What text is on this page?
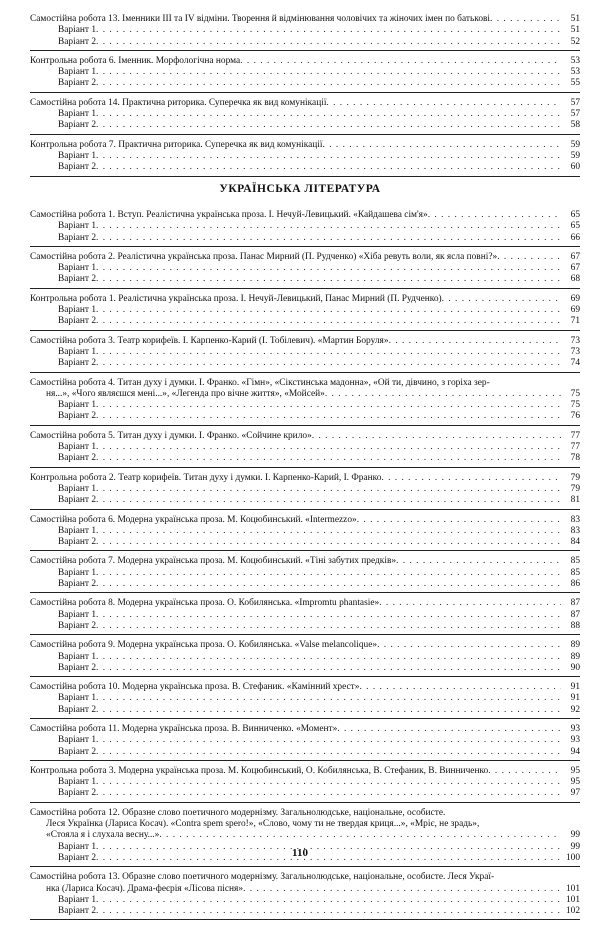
Самостійна робота 13. Іменники III та IV відміни. Творення й відмінювання чоловічих та жіночих імен по батькові . . .	51
Варіант 1 . . .	51
Варіант 2 . . .	52
Контрольна робота 6. Іменник. Морфологічна норма . . .	53
Варіант 1 . . .	53
Варіант 2 . . .	55
Самостійна робота 14. Практична риторика. Суперечка як вид комунікації . . .	57
Варіант 1 . . .	57
Варіант 2 . . .	58
Контрольна робота 7. Практична риторика. Суперечка як вид комунікації . . .	59
Варіант 1 . . .	59
Варіант 2 . . .	60
УКРАЇНСЬКА ЛІТЕРАТУРА
Самостійна робота 1. Вступ. Реалістична українська проза. І. Нечуй-Левицький. «Кайдашева сім'я» . . .	65
Варіант 1 . . .	65
Варіант 2 . . .	66
Самостійна робота 2. Реалістична українська проза. Панас Мирний (П. Рудченко) «Хіба ревуть воли, як ясла повні?» . . .	67
Варіант 1 . . .	67
Варіант 2 . . .	68
Контрольна робота 1. Реалістична українська проза. І. Нечуй-Левицький, Панас Мирний (П. Рудченко) . . .	69
Варіант 1 . . .	69
Варіант 2 . . .	71
Самостійна робота 3. Театр корифеїв. І. Карпенко-Карий (І. Тобілевич). «Мартин Боруля» . . .	73
Варіант 1 . . .	73
Варіант 2 . . .	74
Самостійна робота 4. Титан духу і думки. І. Франко. «Гімн», «Сікстинська мадонна», «Ой ти, дівчино, з горіха зер-
ня...», «Чого являєшся мені...», «Легенда про вічне життя», «Мойсей» . . .	75
Варіант 1 . . .	75
Варіант 2 . . .	76
Самостійна робота 5. Титан духу і думки. І. Франко. «Сойчине крило» . . .	77
Варіант 1 . . .	77
Варіант 2 . . .	78
Контрольна робота 2. Театр корифеїв. Титан духу і думки. І. Карпенко-Карий, І. Франко . . .	79
Варіант 1 . . .	79
Варіант 2 . . .	81
Самостійна робота 6. Модерна українська проза. М. Коцюбинський. «Intermezzo» . . .	83
Варіант 1 . . .	83
Варіант 2 . . .	84
Самостійна робота 7. Модерна українська проза. М. Коцюбинський. «Тіні забутих предків» . . .	85
Варіант 1 . . .	85
Варіант 2 . . .	86
Самостійна робота 8. Модерна українська проза. О. Кобилянська. «Impromtu phantasie» . . .	87
Варіант 1 . . .	87
Варіант 2 . . .	88
Самостійна робота 9. Модерна українська проза. О. Кобилянська. «Valse melancolique» . . .	89
Варіант 1 . . .	89
Варіант 2 . . .	90
Самостійна робота 10. Модерна українська проза. В. Стефаник. «Камінний хрест» . . .	91
Варіант 1 . . .	91
Варіант 2 . . .	92
Самостійна робота 11. Модерна українська проза. В. Винниченко. «Момент» . . .	93
Варіант 1 . . .	93
Варіант 2 . . .	94
Контрольна робота 3. Модерна українська проза. М. Коцюбинський, О. Кобилянська, В. Стефаник, В. Винниченко . . .	95
Варіант 1 . . .	95
Варіант 2 . . .	97
Самостійна робота 12. Образне слово поетичного модернізму. Загальнолюдське, національне, особисте.
Леся Українка (Лариса Косач). «Contra spem spero!», «Слово, чому ти не твердая криця...», «Мріє, не зрадь»,
«Стояла я і слухала весну...» . . .	99
Варіант 1 . . .	99
Варіант 2 . . .	100
Самостійна робота 13. Образне слово поетичного модернізму. Загальнолюдське, національне, особисте. Леся Украї-
нка (Лариса Косач). Драма-феєрія «Лісова пісня» . . .	101
Варіант 1 . . .	101
Варіант 2 . . .	102
110
